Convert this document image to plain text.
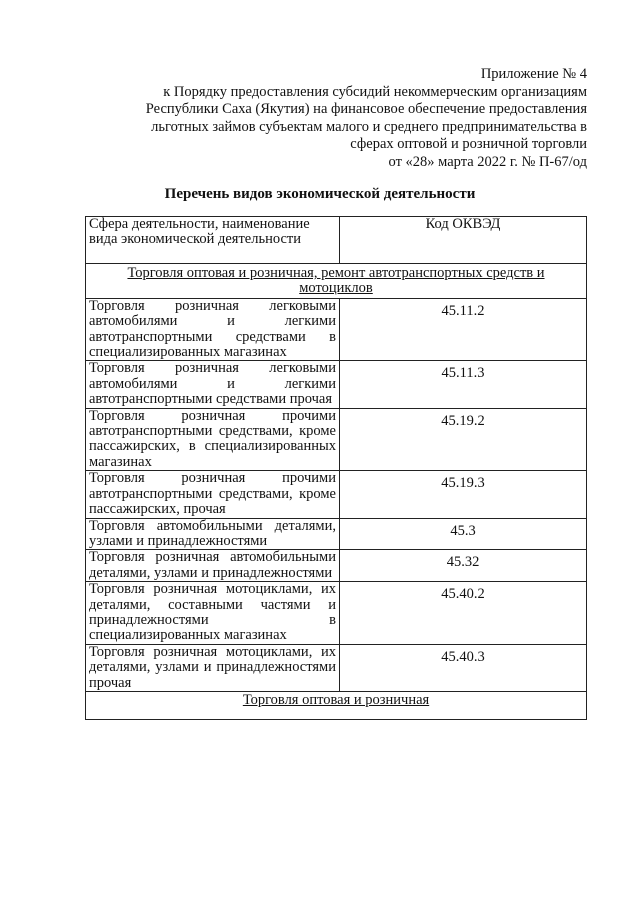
Приложение № 4
к Порядку предоставления субсидий некоммерческим организациям
Республики Саха (Якутия) на финансовое обеспечение предоставления
льготных займов субъектам малого и среднего предпринимательства в
сферах оптовой и розничной торговли
от «28» марта 2022 г. № П-67/од
Перечень видов экономической деятельности
Сфера деятельности, наименование вида экономической деятельности	Код ОКВЭД
Торговля оптовая и розничная, ремонт автотранспортных средств и мотоциклов	
Торговля розничная легковыми автомобилями и легкими автотранспортными средствами в специализированных магазинах	45.11.2
Торговля розничная легковыми автомобилями и легкими автотранспортными средствами прочая	45.11.3
Торговля розничная прочими автотранспортными средствами, кроме пассажирских, в специализированных магазинах	45.19.2
Торговля розничная прочими автотранспортными средствами, кроме пассажирских, прочая	45.19.3
Торговля автомобильными деталями, узлами и принадлежностями	45.3
Торговля розничная автомобильными деталями, узлами и принадлежностями	45.32
Торговля розничная мотоциклами, их деталями, составными частями и принадлежностями в специализированных магазинах	45.40.2
Торговля розничная мотоциклами, их деталями, узлами и принадлежностями прочая	45.40.3
Торговля оптовая и розничная	
